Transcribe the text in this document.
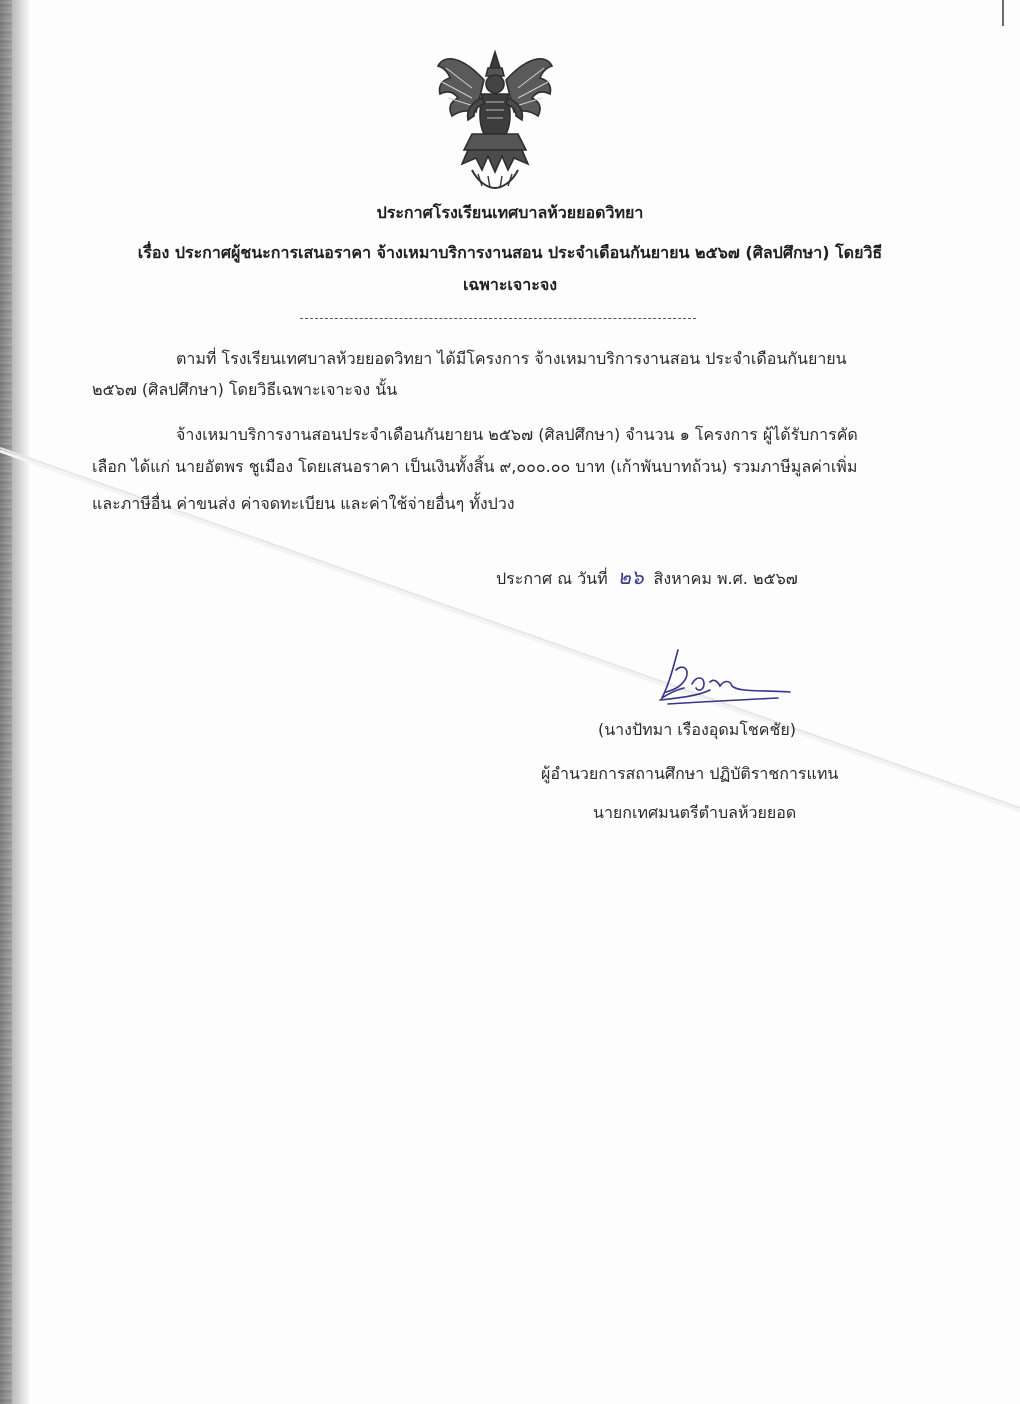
ประกาศโรงเรียนเทศบาลห้วยยอดวิทยา
เรื่อง ประกาศผู้ชนะการเสนอราคา จ้างเหมาบริการงานสอน ประจำเดือนกันยายน ๒๕๖๗ (ศิลปศึกษา) โดยวิธี
เฉพาะเจาะจง
ตามที่ โรงเรียนเทศบาลห้วยยอดวิทยา ได้มีโครงการ จ้างเหมาบริการงานสอน ประจำเดือนกันยายน
๒๕๖๗ (ศิลปศึกษา) โดยวิธีเฉพาะเจาะจง นั้น
จ้างเหมาบริการงานสอนประจำเดือนกันยายน ๒๕๖๗ (ศิลปศึกษา) จำนวน ๑ โครงการ ผู้ได้รับการคัด
เลือก ได้แก่ นายอัตพร ชูเมือง โดยเสนอราคา เป็นเงินทั้งสิ้น ๙,๐๐๐.๐๐ บาท (เก้าพันบาทถ้วน) รวมภาษีมูลค่าเพิ่ม
และภาษีอื่น ค่าขนส่ง ค่าจดทะเบียน และค่าใช้จ่ายอื่นๆ ทั้งปวง
ประกาศ ณ วันที่ ๒๖ สิงหาคม พ.ศ. ๒๕๖๗
(นางปัทมา เรืองอุดมโชคชัย)
ผู้อำนวยการสถานศึกษา ปฏิบัติราชการแทน
นายกเทศมนตรีตำบลห้วยยอด
